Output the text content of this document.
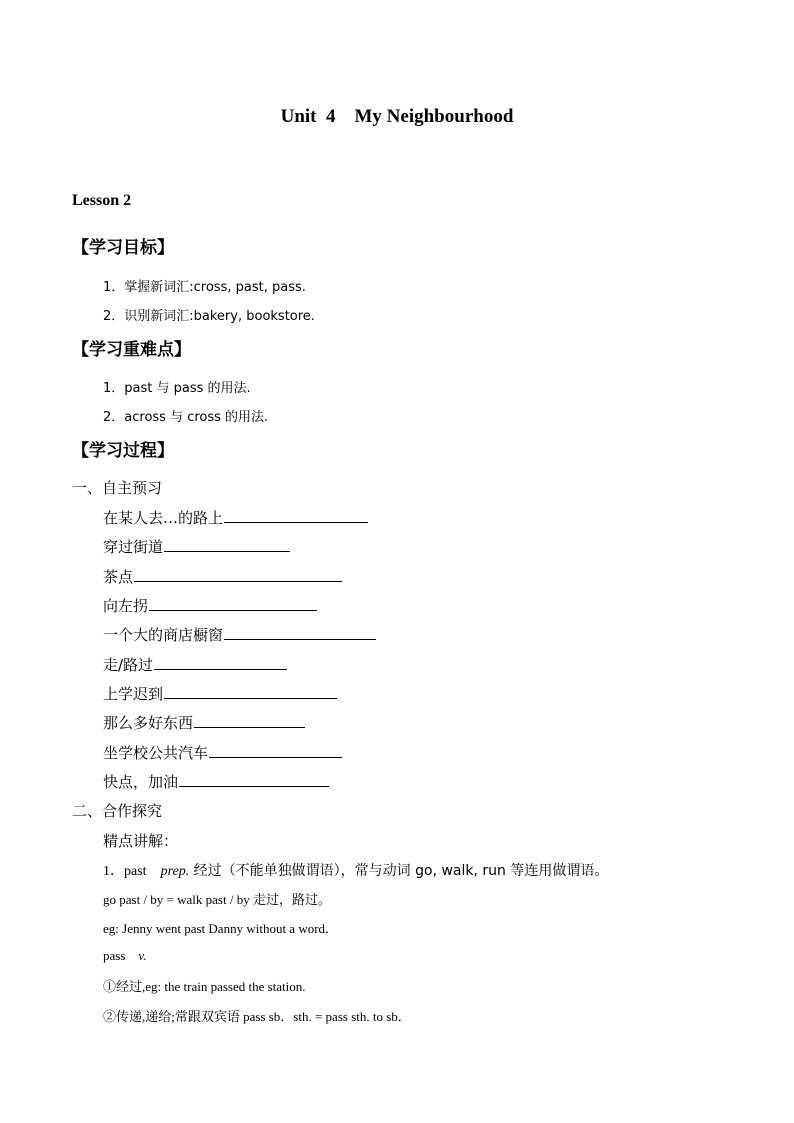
Unit  4    My Neighbourhood
Lesson 2
【学习目标】
1．掌握新词汇:cross, past, pass.
2．识别新词汇:bakery, bookstore.
【学习重难点】
1．past 与 pass 的用法.
2．across 与 cross 的用法.
【学习过程】
一、自主预习
在某人去…的路上
穿过街道
茶点
向左拐
一个大的商店橱窗
走/路过
上学迟到
那么多好东西
坐学校公共汽车
快点，加油
二、合作探究
精点讲解：
1．past prep. 经过（不能单独做谓语），常与动词 go, walk, run 等连用做谓语。
go past / by = walk past / by 走过，路过。
eg: Jenny went past Danny without a word．
pass v.
①经过,eg: the train passed the station.
②传递,递给;常跟双宾语 pass sb．sth. = pass sth. to sb．
